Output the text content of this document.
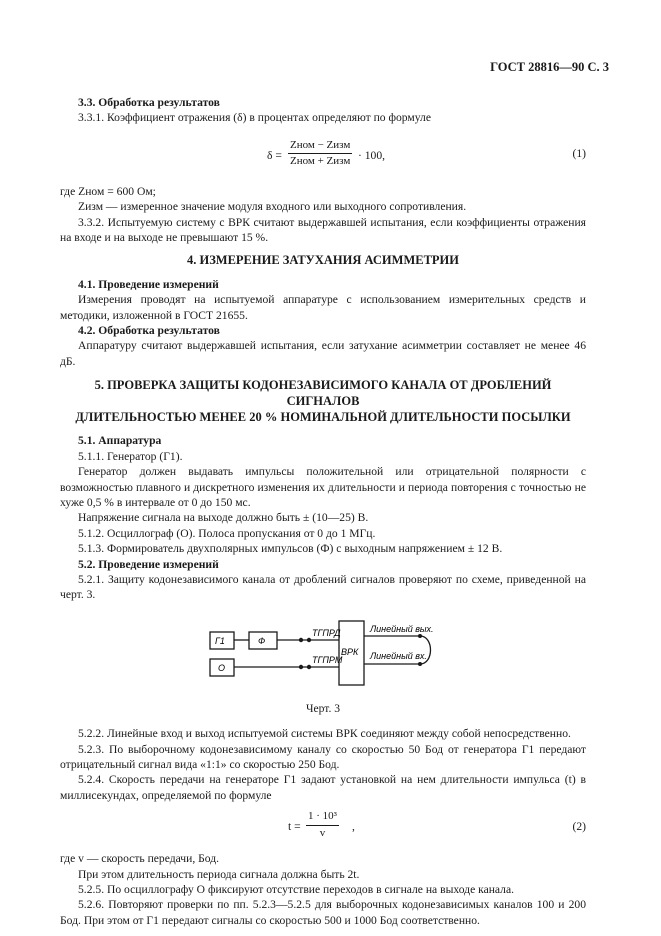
ГОСТ 28816—90 С. 3

3.3. Обработка результатов

3.3.1. Коэффициент отражения (δ) в процентах определяют по формуле

δ =
Zном − Zизм
Zном + Zизм · 100,	(1)

где Zном = 600 Ом;

Zизм — измеренное значение модуля входного или выходного сопротивления.

3.3.2. Испытуемую систему с ВРК считают выдержавшей испытания, если коэффициенты отражения на входе и на выходе не превышают 15 %.

4. ИЗМЕРЕНИЕ ЗАТУХАНИЯ АСИММЕТРИИ

4.1. Проведение измерений

Измерения проводят на испытуемой аппаратуре с использованием измерительных средств и методики, изложенной в ГОСТ 21655.

4.2. Обработка результатов

Аппаратуру считают выдержавшей испытания, если затухание асимметрии составляет не менее 46 дБ.

5. ПРОВЕРКА ЗАЩИТЫ КОДОНЕЗАВИСИМОГО КАНАЛА ОТ ДРОБЛЕНИЙ СИГНАЛОВ
ДЛИТЕЛЬНОСТЬЮ МЕНЕЕ 20 % НОМИНАЛЬНОЙ ДЛИТЕЛЬНОСТИ ПОСЫЛКИ

5.1. Аппаратура

5.1.1. Генератор (Г1).

Генератор должен выдавать импульсы положительной или отрицательной полярности с возможностью плавного и дискретного изменения их длительности и периода повторения с точностью не хуже 0,5 % в интервале от 0 до 150 мс.

Напряжение сигнала на выходе должно быть ± (10—25) В.

5.1.2. Осциллограф (О). Полоса пропускания от 0 до 1 МГц.

5.1.3. Формирователь двухполярных импульсов (Ф) с выходным напряжением ± 12 В.

5.2. Проведение измерений

5.2.1. Защиту кодонезависимого канала от дроблений сигналов проверяют по схеме, приведенной на черт. 3.

Г1	Ф
О
ТГПРД
ТГПРМ
ВРК
Линейный вых.
Линейный вх.
Черт. 3

5.2.2. Линейные вход и выход испытуемой системы ВРК соединяют между собой непосредственно.

5.2.3. По выборочному кодонезависимому каналу со скоростью 50 Бод от генератора Г1 передают отрицательный сигнал вида «1:1» со скоростью 250 Бод.

5.2.4. Скорость передачи на генераторе Г1 задают установкой на нем длительности импульса (t) в миллисекундах, определяемой по формуле

$t = \frac{\text{1 · 10³}}{v}$ ,	(2)

где v — скорость передачи, Бод.

При этом длительность периода сигнала должна быть 2t.

5.2.5. По осциллографу О фиксируют отсутствие переходов в сигнале на выходе канала.

5.2.6. Повторяют проверки по пп. 5.2.3—5.2.5 для выборочных кодонезависимых каналов 100 и 200 Бод. При этом от Г1 передают сигналы со скоростью 500 и 1000 Бод соответственно.
